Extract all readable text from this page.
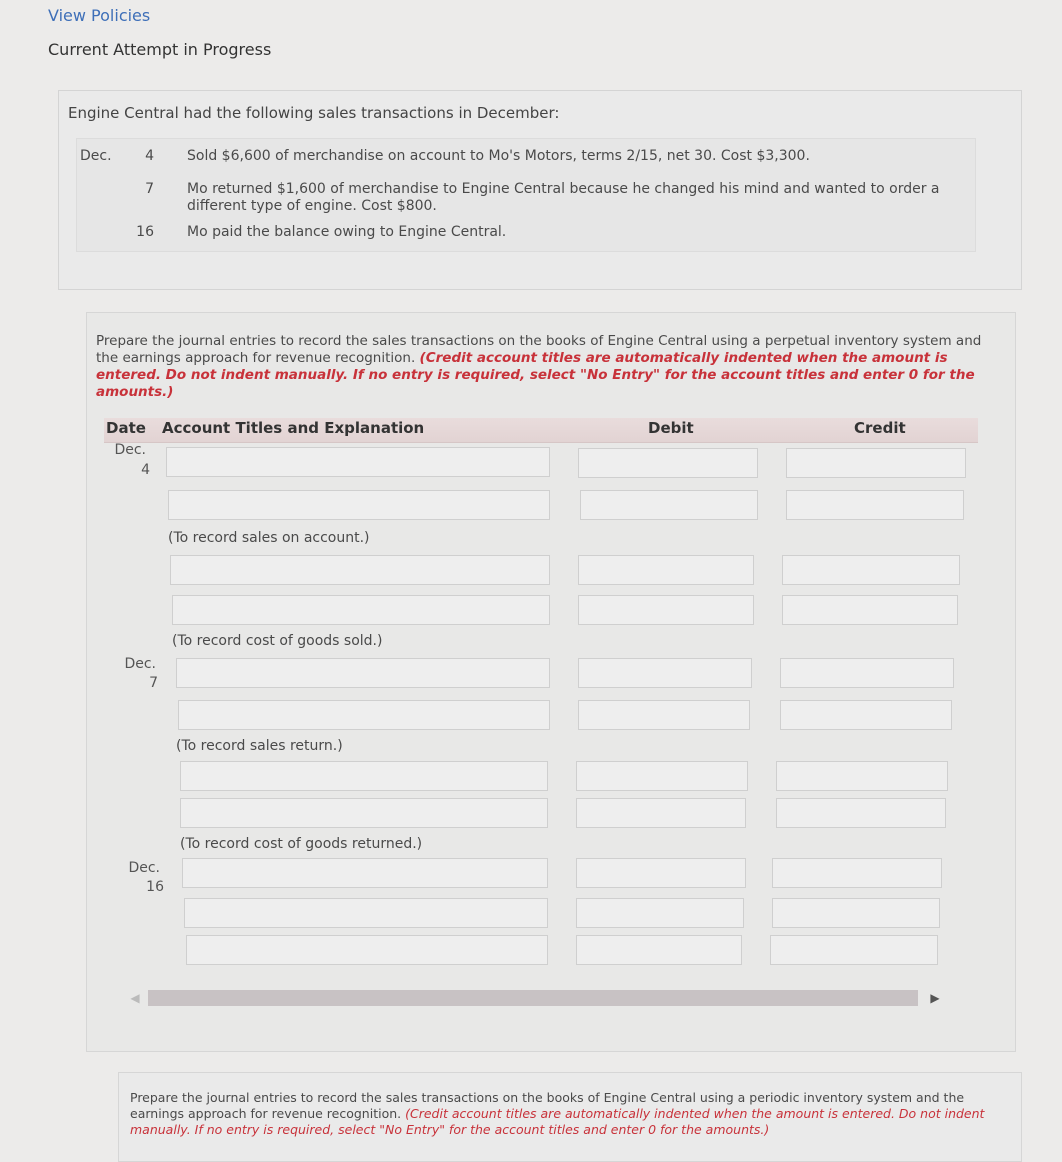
View Policies
Current Attempt in Progress
Engine Central had the following sales transactions in December:
Dec.	4 Sold $6,600 of merchandise on account to Mo's Motors, terms 2/15, net 30. Cost $3,300.
7 Mo returned $1,600 of merchandise to Engine Central because he changed his mind and wanted to order a different type of engine. Cost $800.
16 Mo paid the balance owing to Engine Central.
Prepare the journal entries to record the sales transactions on the books of Engine Central using a perpetual inventory system and the earnings approach for revenue recognition. (Credit account titles are automatically indented when the amount is entered. Do not indent manually. If no entry is required, select "No Entry" for the account titles and enter 0 for the amounts.)
Date Account Titles and Explanation	Debit	Credit
Dec.
4
(To record sales on account.)
(To record cost of goods sold.)
Dec.
7
(To record sales return.)
(To record cost of goods returned.)
Dec.
16
◀	▶
Prepare the journal entries to record the sales transactions on the books of Engine Central using a periodic inventory system and the earnings approach for revenue recognition. (Credit account titles are automatically indented when the amount is entered. Do not indent manually. If no entry is required, select "No Entry" for the account titles and enter 0 for the amounts.)
